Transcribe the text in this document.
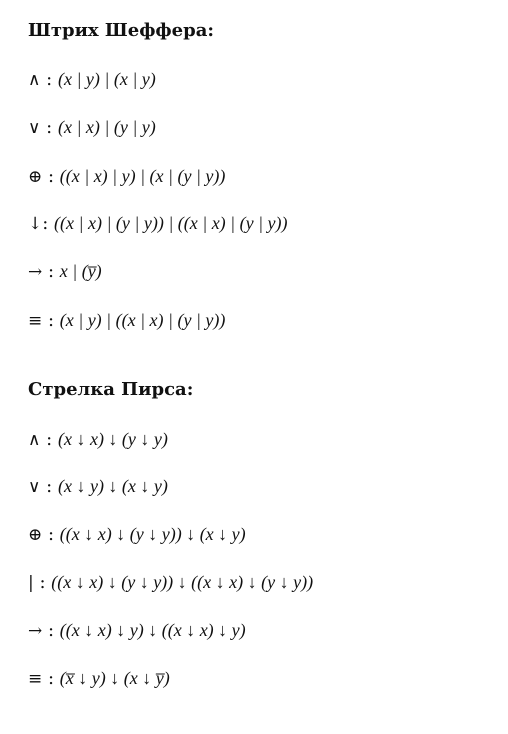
Штрих Шеффера:
∧ : (x | y) | (x | y)
∨ : (x | x) | (y | y)
⊕ : ((x | x) | y) | (x | (y | y))
↓: ((x | x) | (y | y)) | ((x | x) | (y | y))
→ : x | (y̅)
≡ : (x | y) | ((x | x) | (y | y))
Стрелка Пирса:
∧ : (x ↓ x) ↓ (y ↓ y)
∨ : (x ↓ y) ↓ (x ↓ y)
⊕ : ((x ↓ x) ↓ (y ↓ y)) ↓ (x ↓ y)
| : ((x ↓ x) ↓ (y ↓ y)) ↓ ((x ↓ x) ↓ (y ↓ y))
→ : ((x ↓ x) ↓ y) ↓ ((x ↓ x) ↓ y)
≡ : (x̅ ↓ y) ↓ (x ↓ y̅)
